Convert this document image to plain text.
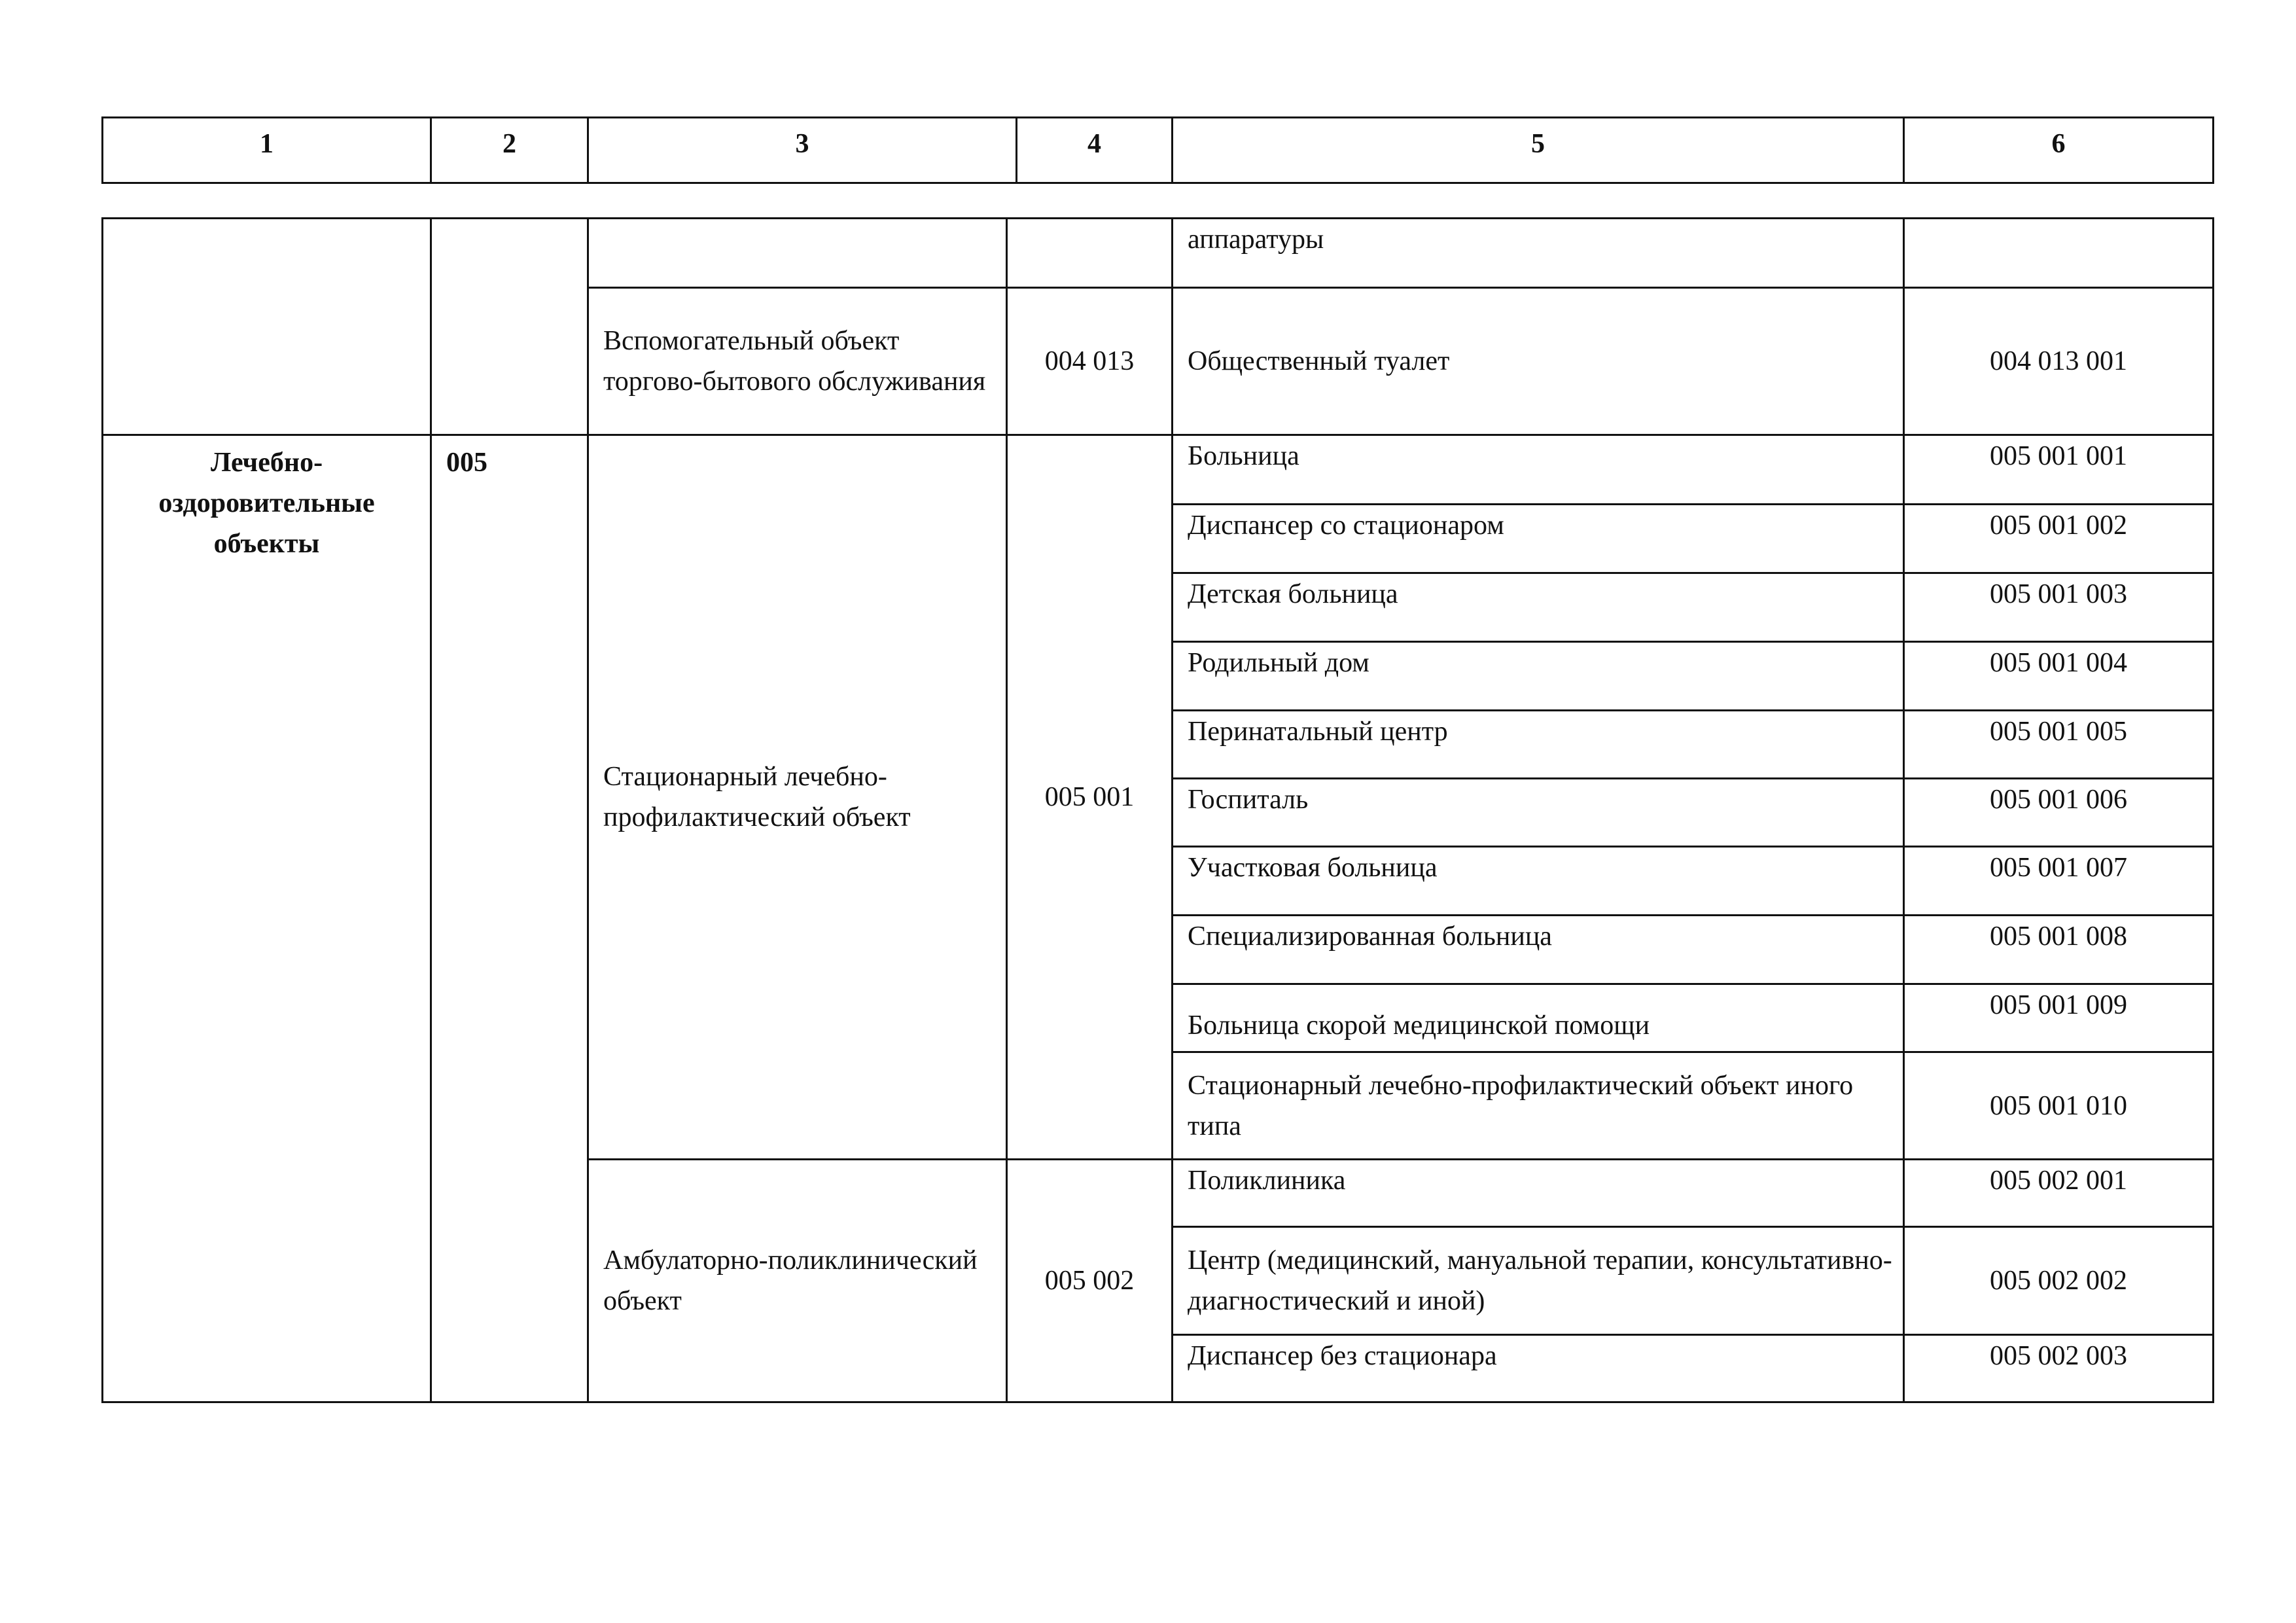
1	2	3	4	5	6
				аппаратуры	
		Вспомогательный объект торгово-бытового обслуживания	004 013	Общественный туалет	004 013 001
Лечебно-оздоровительные объекты	005	Стационарный лечебно-профилактический объект	005 001	Больница	005 001 001
				Диспансер со стационаром	005 001 002
				Детская больница	005 001 003
				Родильный дом	005 001 004
				Перинатальный центр	005 001 005
				Госпиталь	005 001 006
				Участковая больница	005 001 007
				Специализированная больница	005 001 008
				Больница скорой медицинской помощи	005 001 009
				Стационарный лечебно-профилактический объект иного типа	005 001 010
		Амбулаторно-поликлинический объект	005 002	Поликлиника	005 002 001
				Центр (медицинский, мануальной терапии, консультативно-диагностический и иной)	005 002 002
				Диспансер без стационара	005 002 003
